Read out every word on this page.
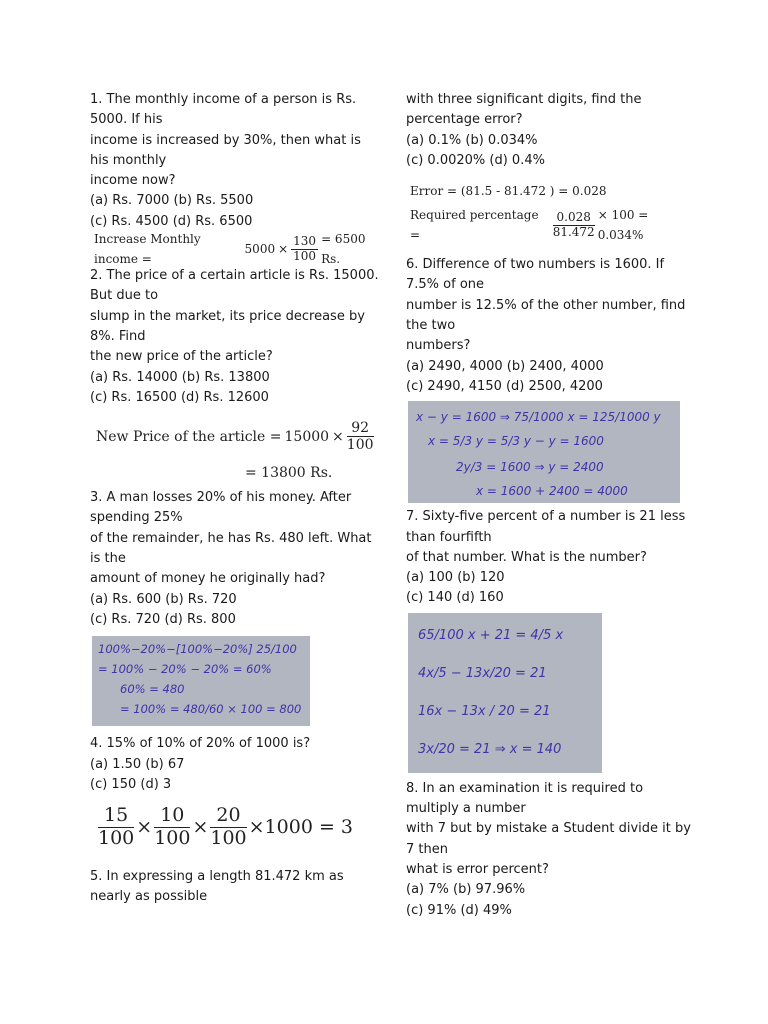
1. The monthly income of a person is Rs. 5000. If his

income is increased by 30%, then what is his monthly

income now?

(a) Rs. 7000 (b) Rs. 5500

(c) Rs. 4500 (d) Rs. 6500

Increase Monthly income =
$5000 \times \frac{130}{100} = 6500$ Rs.

2. The price of a certain article is Rs. 15000. But due to

slump in the market, its price decrease by 8%. Find

the new price of the article?

(a) Rs. 14000 (b) Rs. 13800

(c) Rs. 16500 (d) Rs. 12600

New Price of the article = $15000 \times \frac{92}{100}$
= 13800 Rs.

3. A man losses 20% of his money. After spending 25%

of the remainder, he has Rs. 480 left. What is the

amount of money he originally had?

(a) Rs. 600 (b) Rs. 720

(c) Rs. 720 (d) Rs. 800

100%−20%−[100%−20%] 25/100
= 100% − 20% − 20% = 60%
60% = 480
= 100% = 480/60 × 100 = 800

4. 15% of 10% of 20% of 1000 is?

(a) 1.50 (b) 67

(c) 150 (d) 3

$\frac{15}{100} \times \frac{10}{100} \times \frac{20}{100} \times 1000 = 3$

5. In expressing a length 81.472 km as nearly as possible

with three significant digits, find the

percentage error?

(a) 0.1% (b) 0.034%

(c) 0.0020% (d) 0.4%

Error = (81.5 - 81.472 ) = 0.028
Required percentage =	$\frac{0.028}{81.472} \times 100 = 0.034\%$

6. Difference of two numbers is 1600. If 7.5% of one

number is 12.5% of the other number, find the two

numbers?

(a) 2490, 4000 (b) 2400, 4000

(c) 2490, 4150 (d) 2500, 4200

x − y = 1600 ⇒ 75/1000 x = 125/1000 y
x = 5/3 y = 5/3 y − y = 1600
2y/3 = 1600 ⇒ y = 2400
x = 1600 + 2400 = 4000

7. Sixty-five percent of a number is 21 less than fourfifth

of that number. What is the number?

(a) 100 (b) 120

(c) 140 (d) 160

65/100 x + 21 = 4/5 x
4x/5 − 13x/20 = 21
16x − 13x / 20 = 21
3x/20 = 21 ⇒ x = 140

8. In an examination it is required to multiply a number

with 7 but by mistake a Student divide it by 7 then

what is error percent?

(a) 7% (b) 97.96%

(c) 91% (d) 49%
